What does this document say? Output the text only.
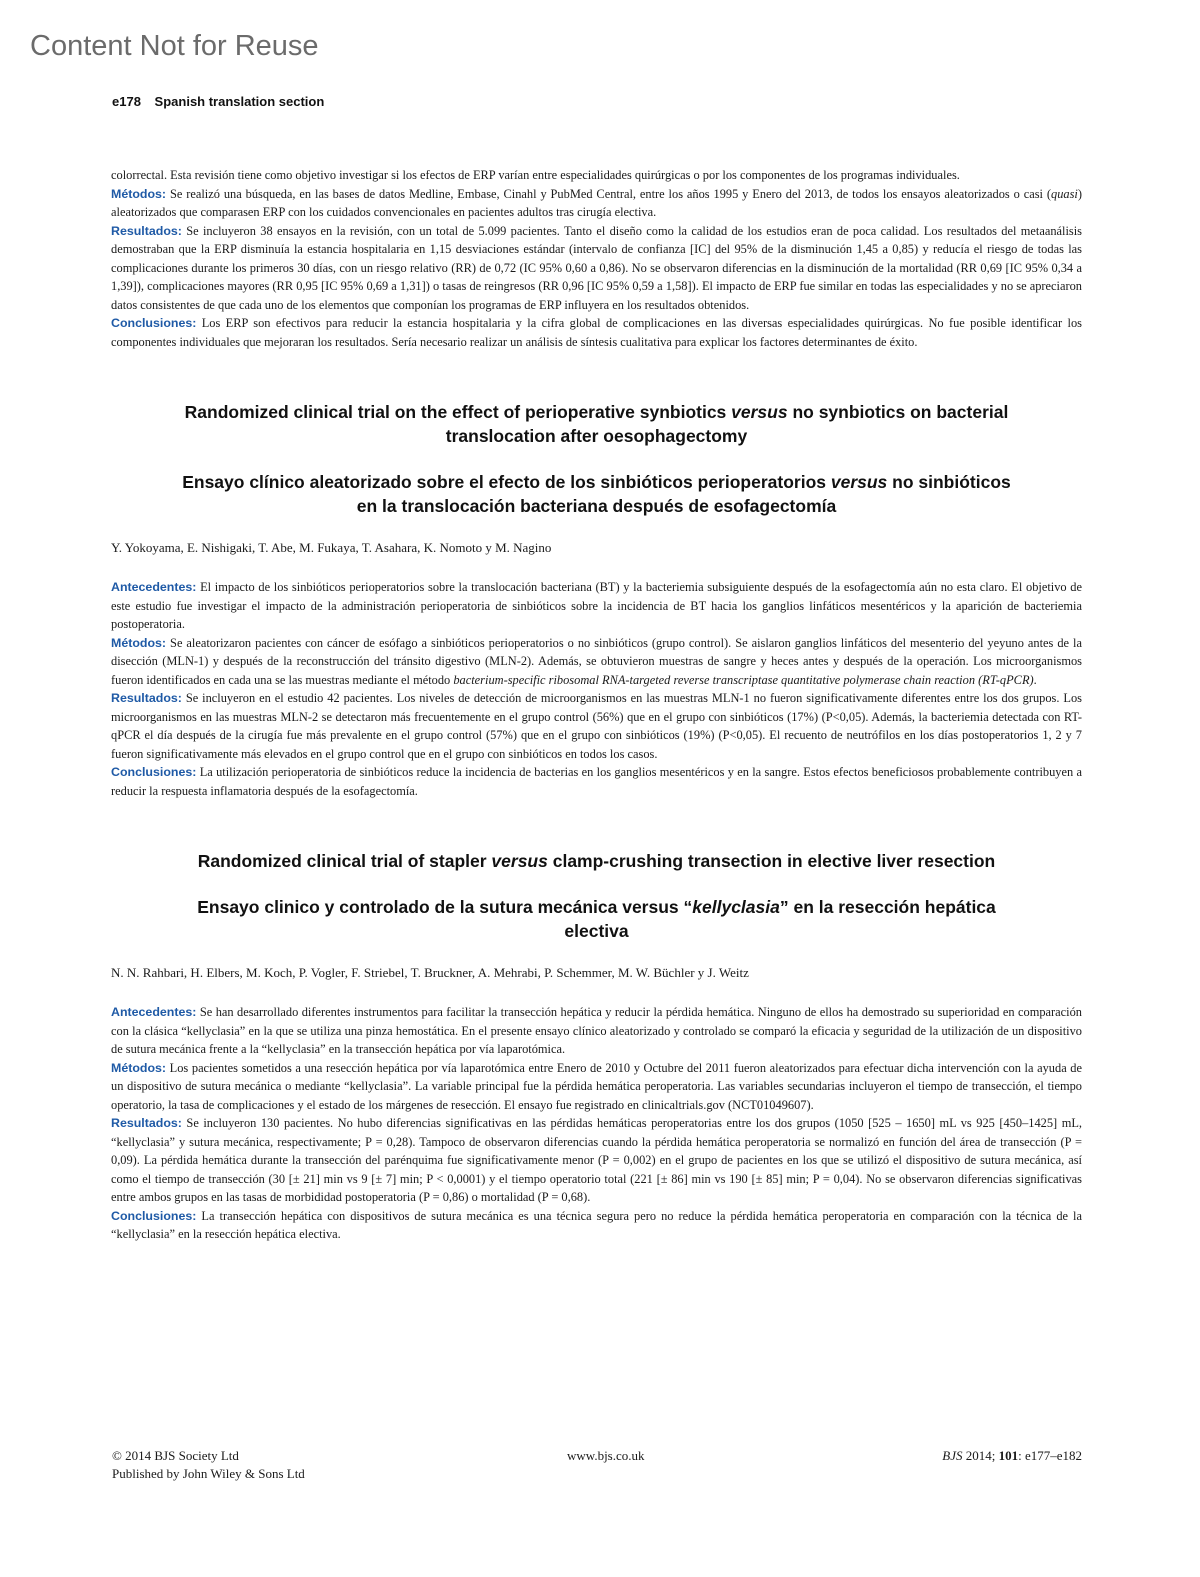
Content Not for Reuse
e178 Spanish translation section

colorrectal. Esta revisión tiene como objetivo investigar si los efectos de ERP varían entre especialidades quirúrgicas o por los componentes de los programas individuales.

Métodos: Se realizó una búsqueda, en las bases de datos Medline, Embase, Cinahl y PubMed Central, entre los años 1995 y Enero del 2013, de todos los ensayos aleatorizados o casi (quasi) aleatorizados que comparasen ERP con los cuidados convencionales en pacientes adultos tras cirugía electiva.

Resultados: Se incluyeron 38 ensayos en la revisión, con un total de 5.099 pacientes. Tanto el diseño como la calidad de los estudios eran de poca calidad. Los resultados del metaanálisis demostraban que la ERP disminuía la estancia hospitalaria en 1,15 desviaciones estándar (intervalo de confianza [IC] del 95% de la disminución 1,45 a 0,85) y reducía el riesgo de todas las complicaciones durante los primeros 30 días, con un riesgo relativo (RR) de 0,72 (IC 95% 0,60 a 0,86). No se observaron diferencias en la disminución de la mortalidad (RR 0,69 [IC 95% 0,34 a 1,39]), complicaciones mayores (RR 0,95 [IC 95% 0,69 a 1,31]) o tasas de reingresos (RR 0,96 [IC 95% 0,59 a 1,58]). El impacto de ERP fue similar en todas las especialidades y no se apreciaron datos consistentes de que cada uno de los elementos que componían los programas de ERP influyera en los resultados obtenidos.

Conclusiones: Los ERP son efectivos para reducir la estancia hospitalaria y la cifra global de complicaciones en las diversas especialidades quirúrgicas. No fue posible identificar los componentes individuales que mejoraran los resultados. Sería necesario realizar un análisis de síntesis cualitativa para explicar los factores determinantes de éxito.

Randomized clinical trial on the effect of perioperative synbiotics versus no synbiotics on bacterial translocation after oesophagectomy
Ensayo clínico aleatorizado sobre el efecto de los sinbióticos perioperatorios versus no sinbióticos en la translocación bacteriana después de esofagectomía

Y. Yokoyama, E. Nishigaki, T. Abe, M. Fukaya, T. Asahara, K. Nomoto y M. Nagino

Antecedentes: El impacto de los sinbióticos perioperatorios sobre la translocación bacteriana (BT) y la bacteriemia subsiguiente después de la esofagectomía aún no esta claro. El objetivo de este estudio fue investigar el impacto de la administración perioperatoria de sinbióticos sobre la incidencia de BT hacia los ganglios linfáticos mesentéricos y la aparición de bacteriemia postoperatoria.

Métodos: Se aleatorizaron pacientes con cáncer de esófago a sinbióticos perioperatorios o no sinbióticos (grupo control). Se aislaron ganglios linfáticos del mesenterio del yeyuno antes de la disección (MLN-1) y después de la reconstrucción del tránsito digestivo (MLN-2). Además, se obtuvieron muestras de sangre y heces antes y después de la operación. Los microorganismos fueron identificados en cada una se las muestras mediante el método bacterium-specific ribosomal RNA-targeted reverse transcriptase quantitative polymerase chain reaction (RT-qPCR).

Resultados: Se incluyeron en el estudio 42 pacientes. Los niveles de detección de microorganismos en las muestras MLN-1 no fueron significativamente diferentes entre los dos grupos. Los microorganismos en las muestras MLN-2 se detectaron más frecuentemente en el grupo control (56%) que en el grupo con sinbióticos (17%) (P<0,05). Además, la bacteriemia detectada con RT-qPCR el día después de la cirugía fue más prevalente en el grupo control (57%) que en el grupo con sinbióticos (19%) (P<0,05). El recuento de neutrófilos en los días postoperatorios 1, 2 y 7 fueron significativamente más elevados en el grupo control que en el grupo con sinbióticos en todos los casos.

Conclusiones: La utilización perioperatoria de sinbióticos reduce la incidencia de bacterias en los ganglios mesentéricos y en la sangre. Estos efectos beneficiosos probablemente contribuyen a reducir la respuesta inflamatoria después de la esofagectomía.

Randomized clinical trial of stapler versus clamp-crushing transection in elective liver resection
Ensayo clinico y controlado de la sutura mecánica versus “kellyclasia” en la resección hepática electiva

N. N. Rahbari, H. Elbers, M. Koch, P. Vogler, F. Striebel, T. Bruckner, A. Mehrabi, P. Schemmer, M. W. Büchler y J. Weitz

Antecedentes: Se han desarrollado diferentes instrumentos para facilitar la transección hepática y reducir la pérdida hemática. Ninguno de ellos ha demostrado su superioridad en comparación con la clásica “kellyclasia” en la que se utiliza una pinza hemostática. En el presente ensayo clínico aleatorizado y controlado se comparó la eficacia y seguridad de la utilización de un dispositivo de sutura mecánica frente a la “kellyclasia” en la transección hepática por vía laparotómica.

Métodos: Los pacientes sometidos a una resección hepática por vía laparotómica entre Enero de 2010 y Octubre del 2011 fueron aleatorizados para efectuar dicha intervención con la ayuda de un dispositivo de sutura mecánica o mediante “kellyclasia”. La variable principal fue la pérdida hemática peroperatoria. Las variables secundarias incluyeron el tiempo de transección, el tiempo operatorio, la tasa de complicaciones y el estado de los márgenes de resección. El ensayo fue registrado en clinicaltrials.gov (NCT01049607).

Resultados: Se incluyeron 130 pacientes. No hubo diferencias significativas en las pérdidas hemáticas peroperatorias entre los dos grupos (1050 [525 – 1650] mL vs 925 [450–1425] mL, “kellyclasia” y sutura mecánica, respectivamente; P = 0,28). Tampoco de observaron diferencias cuando la pérdida hemática peroperatoria se normalizó en función del área de transección (P = 0,09). La pérdida hemática durante la transección del parénquima fue significativamente menor (P = 0,002) en el grupo de pacientes en los que se utilizó el dispositivo de sutura mecánica, así como el tiempo de transección (30 [± 21] min vs 9 [± 7] min; P < 0,0001) y el tiempo operatorio total (221 [± 86] min vs 190 [± 85] min; P = 0,04). No se observaron diferencias significativas entre ambos grupos en las tasas de morbididad postoperatoria (P = 0,86) o mortalidad (P = 0,68).

Conclusiones: La transección hepática con dispositivos de sutura mecánica es una técnica segura pero no reduce la pérdida hemática peroperatoria en comparación con la técnica de la “kellyclasia” en la resección hepática electiva.

© 2014 BJS Society Ltd
Published by John Wiley & Sons Ltd
www.bjs.co.uk	BJS 2014; 101: e177–e182
